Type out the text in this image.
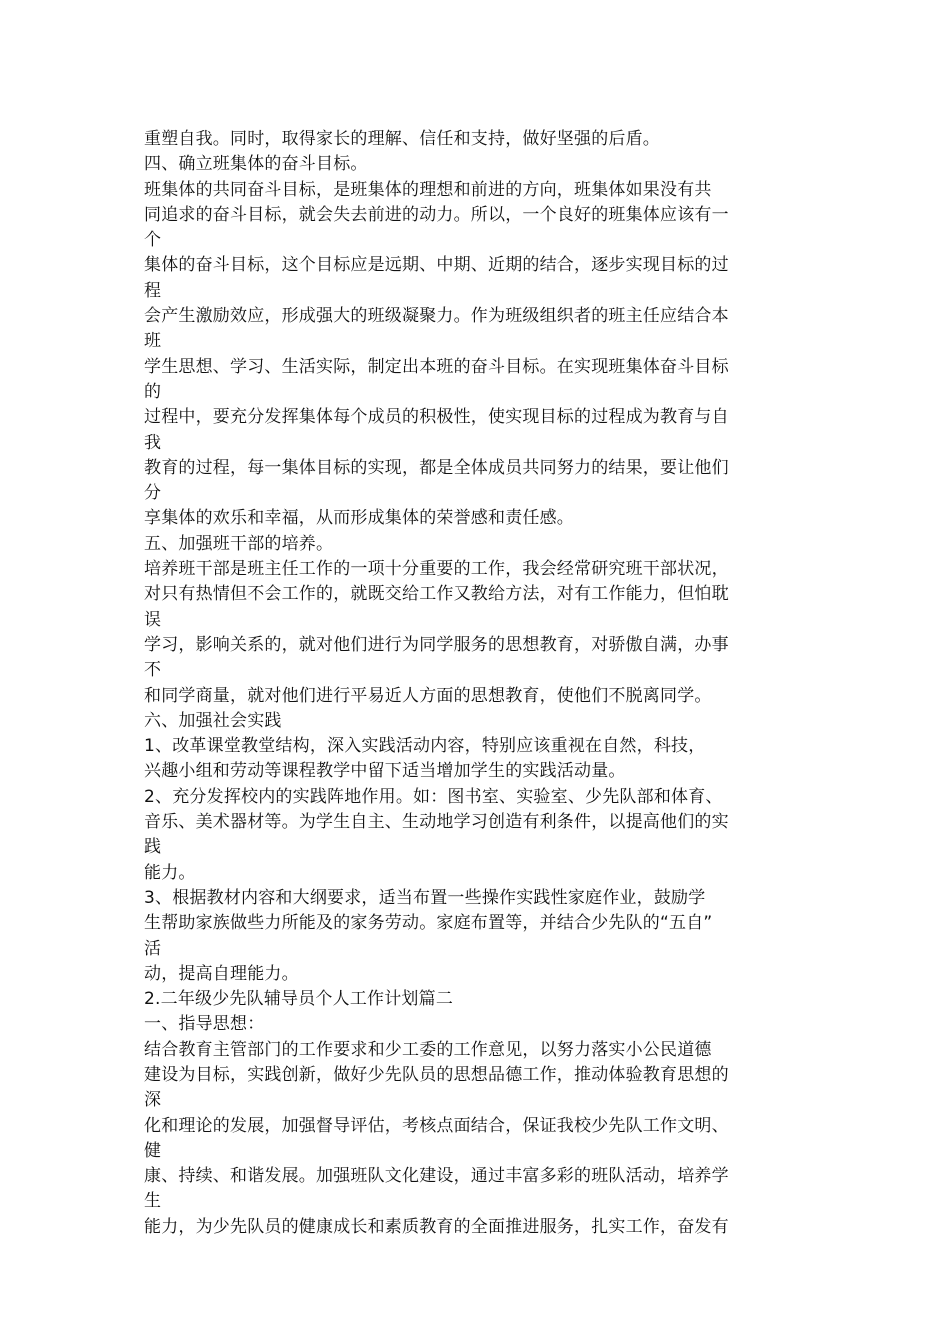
重塑自我。同时，取得家长的理解、信任和支持，做好坚强的后盾。
四、确立班集体的奋斗目标。
班集体的共同奋斗目标，是班集体的理想和前进的方向，班集体如果没有共
同追求的奋斗目标，就会失去前进的动力。所以，一个良好的班集体应该有一
个
集体的奋斗目标，这个目标应是远期、中期、近期的结合，逐步实现目标的过
程
会产生激励效应，形成强大的班级凝聚力。作为班级组织者的班主任应结合本
班
学生思想、学习、生活实际，制定出本班的奋斗目标。在实现班集体奋斗目标
的
过程中，要充分发挥集体每个成员的积极性，使实现目标的过程成为教育与自
我
教育的过程，每一集体目标的实现，都是全体成员共同努力的结果，要让他们
分
享集体的欢乐和幸福，从而形成集体的荣誉感和责任感。
五、加强班干部的培养。
培养班干部是班主任工作的一项十分重要的工作，我会经常研究班干部状况，
对只有热情但不会工作的，就既交给工作又教给方法，对有工作能力，但怕耽
误
学习，影响关系的，就对他们进行为同学服务的思想教育，对骄傲自满，办事
不
和同学商量，就对他们进行平易近人方面的思想教育，使他们不脱离同学。
六、加强社会实践
1、改革课堂教堂结构，深入实践活动内容，特别应该重视在自然，科技，
兴趣小组和劳动等课程教学中留下适当增加学生的实践活动量。
2、充分发挥校内的实践阵地作用。如：图书室、实验室、少先队部和体育、
音乐、美术器材等。为学生自主、生动地学习创造有利条件，以提高他们的实
践
能力。
3、根据教材内容和大纲要求，适当布置一些操作实践性家庭作业，鼓励学
生帮助家族做些力所能及的家务劳动。家庭布置等，并结合少先队的“五自”
活
动，提高自理能力。
2.二年级少先队辅导员个人工作计划篇二
一、指导思想：
结合教育主管部门的工作要求和少工委的工作意见，以努力落实小公民道德
建设为目标，实践创新，做好少先队员的思想品德工作，推动体验教育思想的
深
化和理论的发展，加强督导评估，考核点面结合，保证我校少先队工作文明、
健
康、持续、和谐发展。加强班队文化建设，通过丰富多彩的班队活动，培养学
生
能力，为少先队员的健康成长和素质教育的全面推进服务，扎实工作，奋发有
